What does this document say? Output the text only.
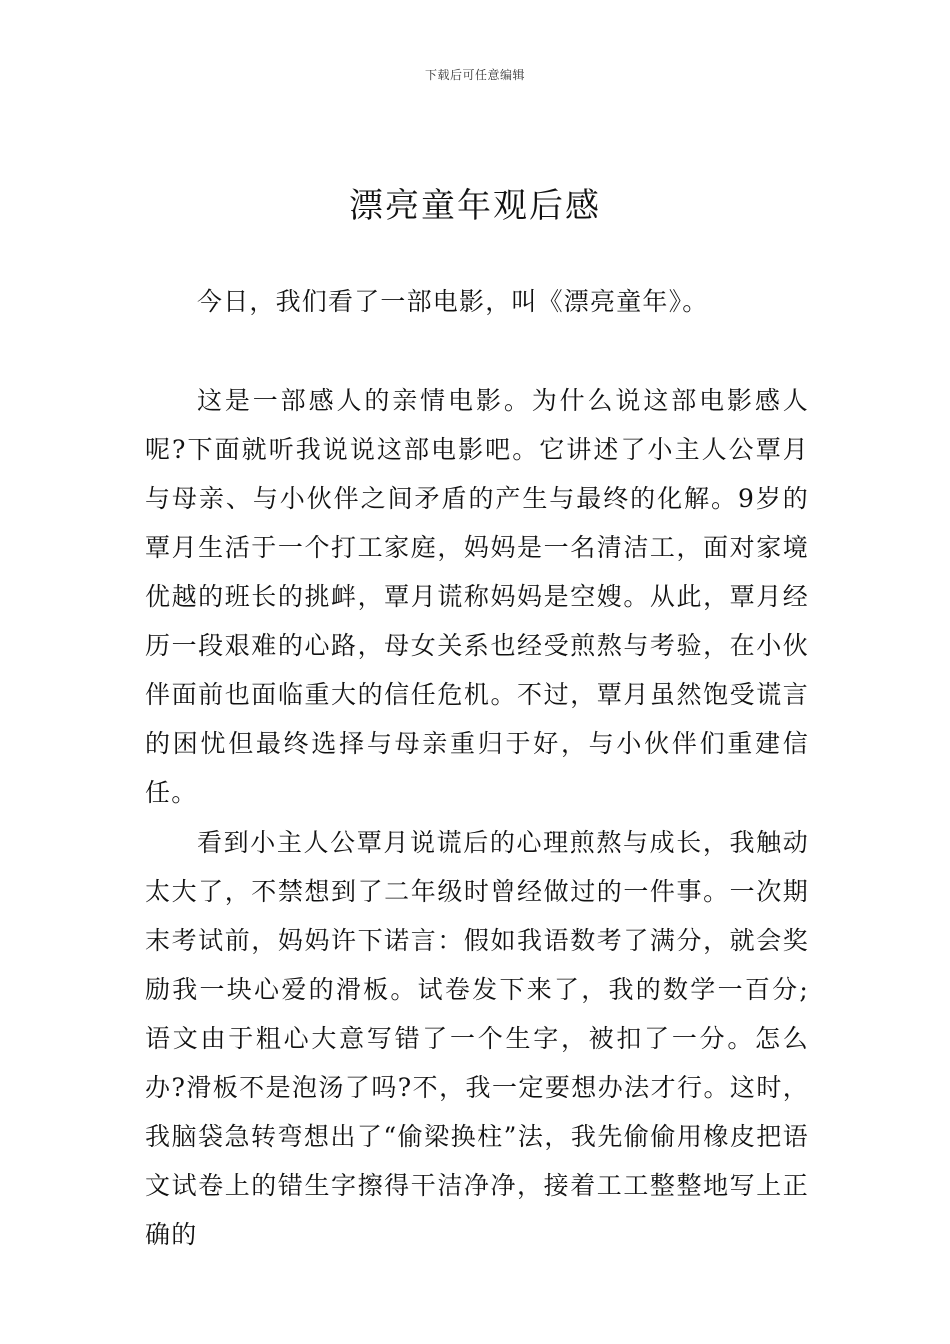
下载后可任意编辑
漂亮童年观后感

今日，我们看了一部电影，叫《漂亮童年》。

这是一部感人的亲情电影。为什么说这部电影感人呢?下面就听我说说这部电影吧。它讲述了小主人公覃月与母亲、与小伙伴之间矛盾的产生与最终的化解。9岁的覃月生活于一个打工家庭，妈妈是一名清洁工，面对家境优越的班长的挑衅，覃月谎称妈妈是空嫂。从此，覃月经历一段艰难的心路，母女关系也经受煎熬与考验，在小伙伴面前也面临重大的信任危机。不过，覃月虽然饱受谎言的困忧但最终选择与母亲重归于好，与小伙伴们重建信任。

看到小主人公覃月说谎后的心理煎熬与成长，我触动太大了，不禁想到了二年级时曾经做过的一件事。一次期末考试前，妈妈许下诺言：假如我语数考了满分，就会奖励我一块心爱的滑板。试卷发下来了，我的数学一百分;语文由于粗心大意写错了一个生字，被扣了一分。怎么办?滑板不是泡汤了吗?不，我一定要想办法才行。这时，我脑袋急转弯想出了“偷梁换柱”法，我先偷偷用橡皮把语文试卷上的错生字擦得干洁净净，接着工工整整地写上正确的
